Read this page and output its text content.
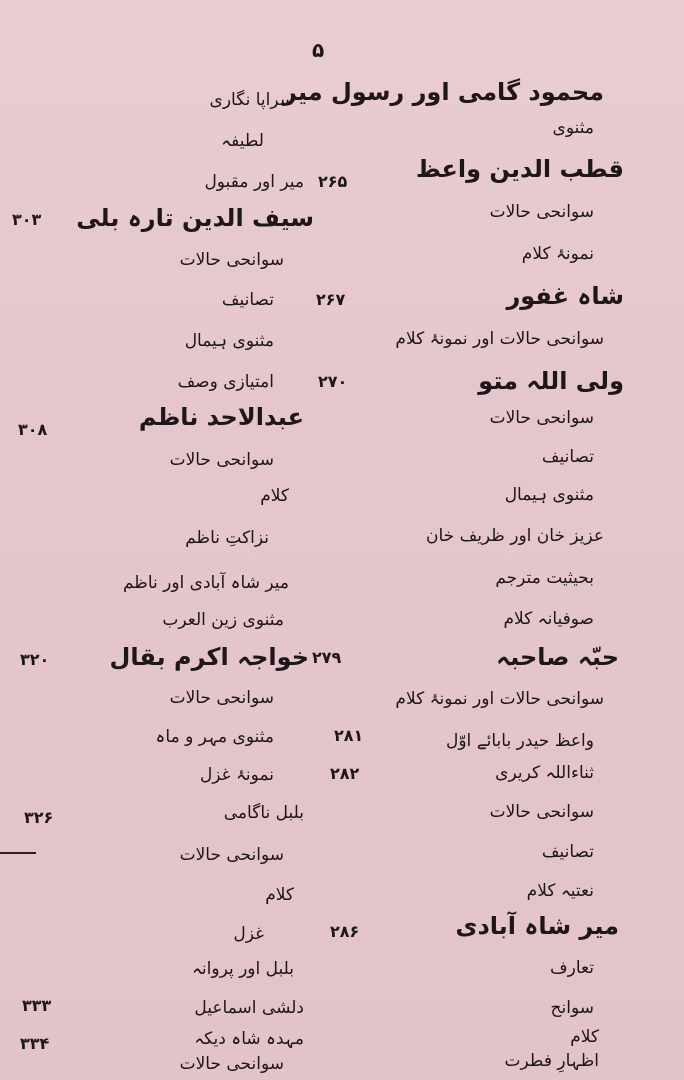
۵
محمود گامی اور رسول میر
مثنوی
قطب الدین واعظ
سوانحی حالات
نمونۂ کلام
شاہ غفور
سوانحی حالات اور نمونۂ کلام
ولی اللہ متو
سوانحی حالات
تصانیف
مثنوی ہیمال
عزیز خان اور ظریف خان
بحیثیت مترجم
صوفیانہ کلام
حبّہ صاحبہ
سوانحی حالات اور نمونۂ کلام
واعظ حیدر بابائے اوّل
ثناءاللہ کریری
سوانحی حالات
تصانیف
نعتیہ کلام
میر شاہ آبادی
تعارف
سوانح
کلام
اظہارِ فطرت
سراپا نگاری
لطیفہ
میر اور مقبول
سیف الدین تارہ بلی
سوانحی حالات
تصانیف
مثنوی ہیمال
امتیازی وصف
عبدالاحد ناظم
سوانحی حالات
کلام
نزاکتِ ناظم
میر شاہ آبادی اور ناظم
مثنوی زین العرب
خواجہ اکرم بقال
سوانحی حالات
مثنوی مہر و ماہ
نمونۂ غزل
بلبل ناگامی
سوانحی حالات
کلام
غزل
بلبل اور پروانہ
دلشی اسماعیل
مہدہ شاہ دیکہ
سوانحی حالات
۲۶۵
۲۶۷
۲۷۰
۲۷۹
۲۸۱
۲۸۲
۲۸۶
۳۰۳
۳۰۸
۳۲۰
۳۲۶
۳۳۳
۳۳۴
